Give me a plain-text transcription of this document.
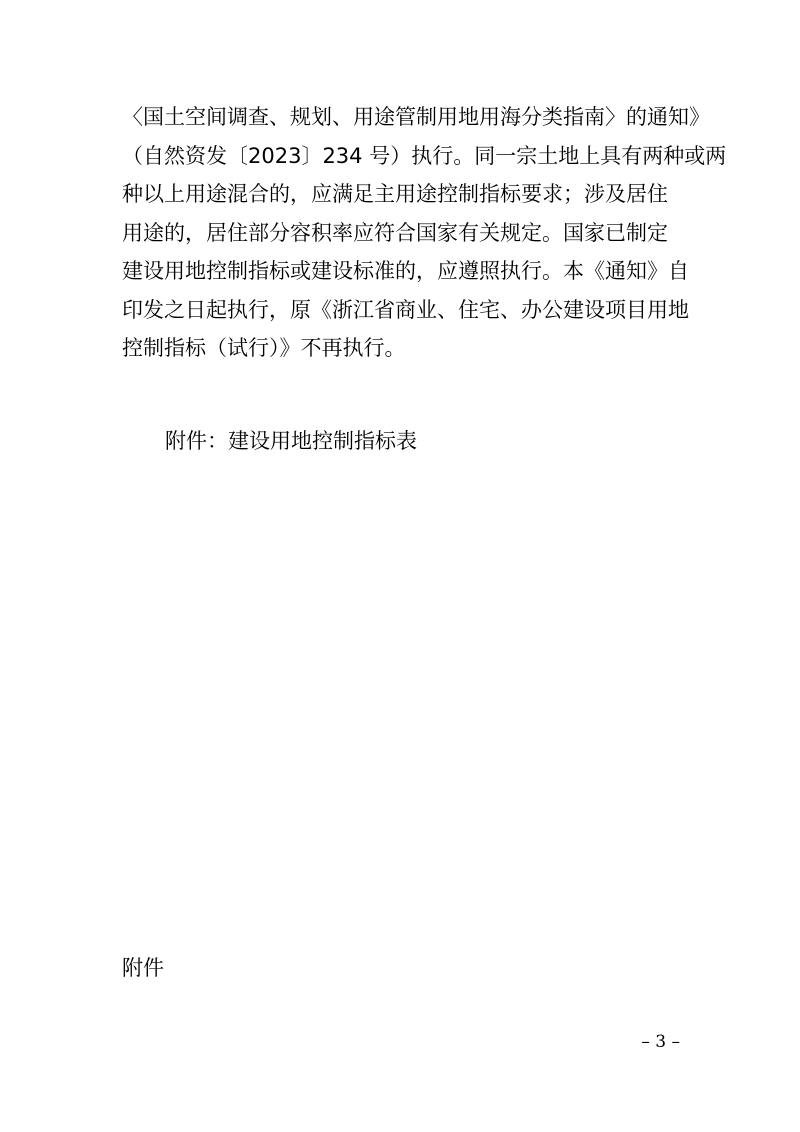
〈国土空间调查、规划、用途管制用地用海分类指南〉的通知》
（自然资发〔2023〕234 号）执行。同一宗土地上具有两种或两
种以上用途混合的，应满足主用途控制指标要求；涉及居住
用途的，居住部分容积率应符合国家有关规定。国家已制定
建设用地控制指标或建设标准的，应遵照执行。本《通知》自
印发之日起执行，原《浙江省商业、住宅、办公建设项目用地
控制指标（试行）》不再执行。
附件：建设用地控制指标表
附件
– 3 –
